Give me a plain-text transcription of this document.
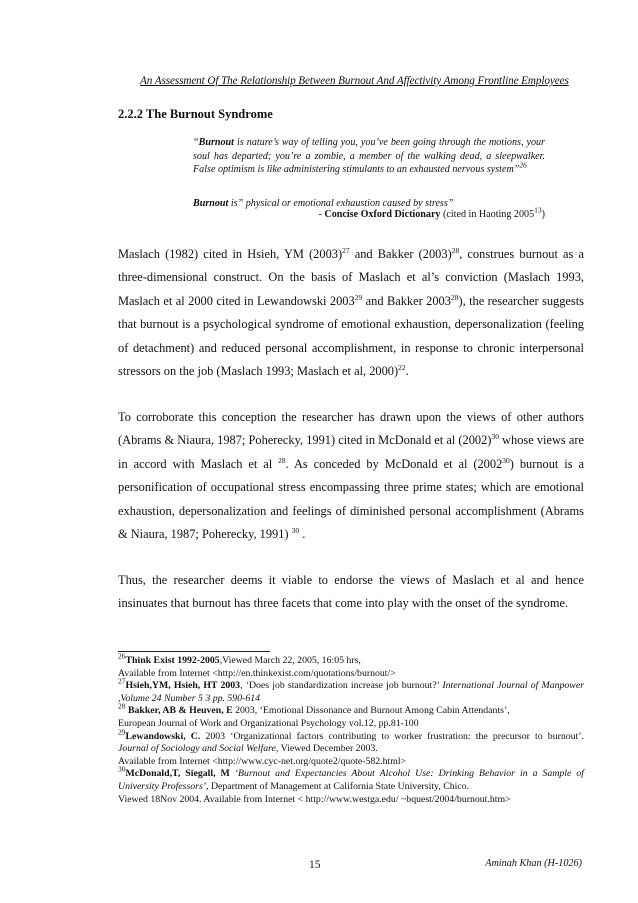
An Assessment Of The Relationship Between Burnout And Affectivity Among Frontline Employees
2.2.2 The Burnout Syndrome
“Burnout is nature’s way of telling you, you’ve been going through the motions, your soul has departed; you’re a zombie, a member of the walking dead, a sleepwalker. False optimism is like administering stimulants to an exhausted nervous system”$^{26}$
Burnout is” physical or emotional exhaustion caused by stress”
- Concise Oxford Dictionary (cited in Haoting 2005$^{13}$)
Maslach (1982) cited in Hsieh, YM $(2003)^{27}$ and Bakker $(2003)^{28}$, construes burnout as a three-dimensional construct. On the basis of Maslach et al’s conviction (Maslach 1993, Maslach et al 2000 cited in Lewandowski 2003$^{29}$ and Bakker 2003$^{28}$), the researcher suggests that burnout is a psychological syndrome of emotional exhaustion, depersonalization (feeling of detachment) and reduced personal accomplishment, in response to chronic interpersonal stressors on the job (Maslach 1993; Maslach et al, 2000)$^{22}$.
To corroborate this conception the researcher has drawn upon the views of other authors (Abrams & Niaura, 1987; Poherecky, 1991) cited in McDonald et al $(2002)^{30}$ whose views are in accord with Maslach et al $^{28}$. As conceded by McDonald et al (2002$^{30}$) burnout is a personification of occupational stress encompassing three prime states; which are emotional exhaustion, depersonalization and feelings of diminished personal accomplishment (Abrams & Niaura, 1987; Poherecky, 1991) $^{30}$ .
Thus, the researcher deems it viable to endorse the views of Maslach et al and hence insinuates that burnout has three facets that come into play with the onset of the syndrome.

$^{26}$Think Exist 1992-2005,Viewed March 22, 2005, 16:05 hrs,
Available from Internet <http://en.thinkexist.com/quotations/burnout/>

$^{27}$Hsieh,YM, Hsieh, HT 2003, ‘Does job standardization increase job burnout?’ International Journal of Manpower ,Volume 24 Number 5 3 pp. 590-614

$^{28}$ Bakker, AB & Heuven, E 2003, ‘Emotional Dissonance and Burnout Among Cabin Attendants’,
European Journal of Work and Organizational Psychology vol.12, pp.81-100

$^{29}$Lewandowski, C. 2003 ‘Organizational factors contributing to worker frustration: the precursor to burnout’. Journal of Sociology and Social Welfare, Viewed December 2003.
Available from Internet <http://www.cyc-net.org/quote2/quote-582.html>

$^{30}$McDonald,T, Siegall, M ‘Burnout and Expectancies About Alcohol Use: Drinking Behavior in a Sample of University Professors’, Department of Management at California State University, Chico.
Viewed 18Nov 2004. Available from Internet < http://www.westga.edu/ ~bquest/2004/burnout.htm>

15	Aminah Khan (H-1026)
